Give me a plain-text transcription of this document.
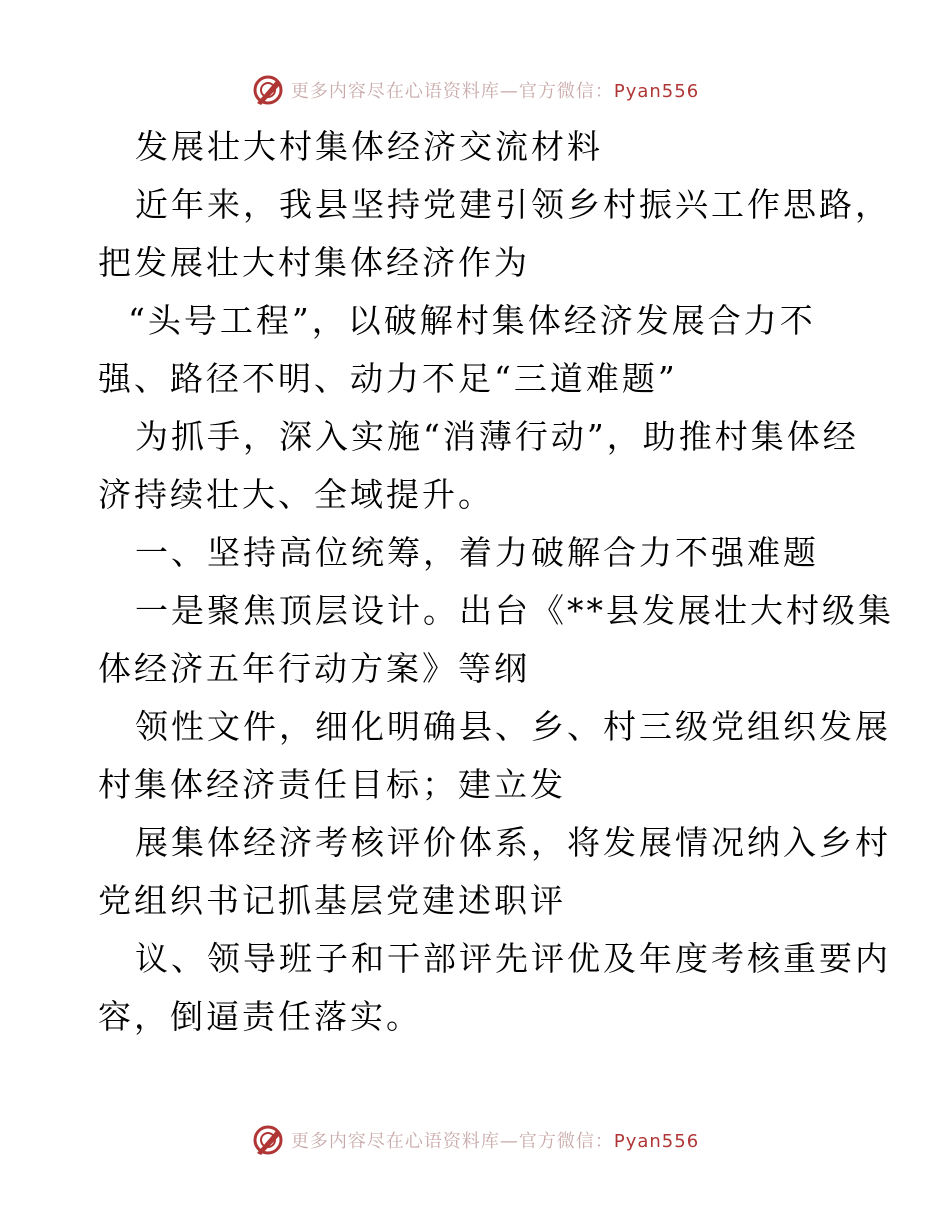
更多内容尽在心语资料库—官方微信：Pyan556
发展壮大村集体经济交流材料
近年来，我县坚持党建引领乡村振兴工作思路，
把发展壮大村集体经济作为
“头号工程”，以破解村集体经济发展合力不
强、路径不明、动力不足“三道难题”
为抓手，深入实施“消薄行动”，助推村集体经
济持续壮大、全域提升。
一、坚持高位统筹，着力破解合力不强难题
一是聚焦顶层设计。出台《**县发展壮大村级集
体经济五年行动方案》等纲
领性文件，细化明确县、乡、村三级党组织发展
村集体经济责任目标；建立发
展集体经济考核评价体系，将发展情况纳入乡村
党组织书记抓基层党建述职评
议、领导班子和干部评先评优及年度考核重要内
容，倒逼责任落实。
更多内容尽在心语资料库—官方微信：Pyan556
